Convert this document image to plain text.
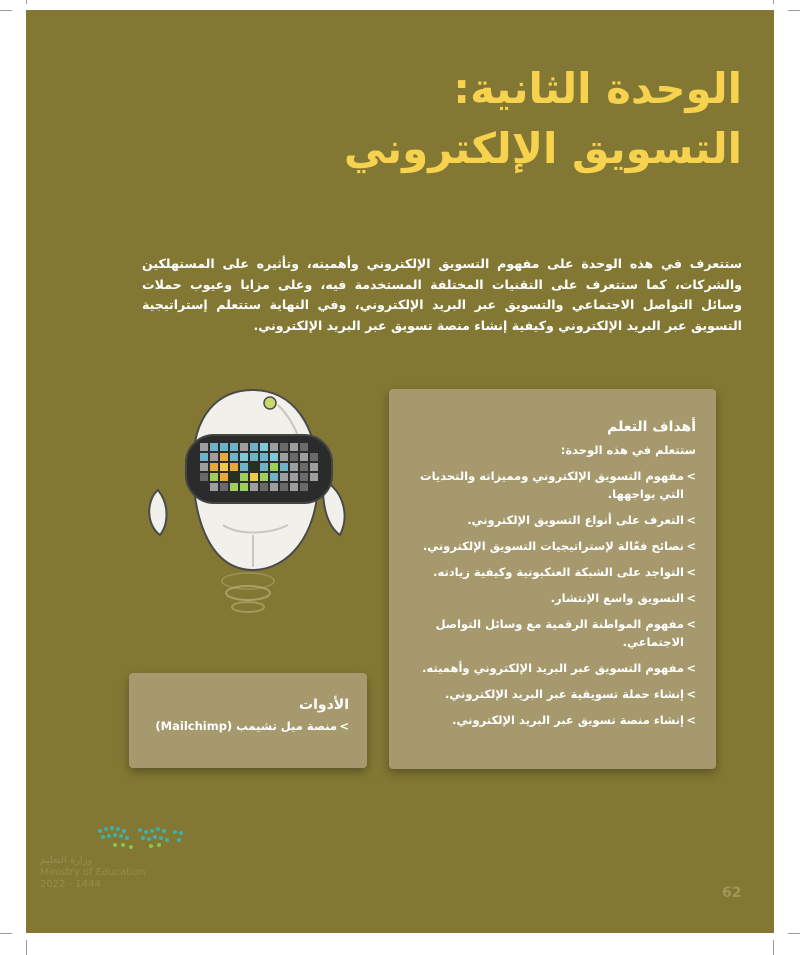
الوحدة الثانية:
التسويق الإلكتروني

ستتعرف في هذه الوحدة على مفهوم التسويق الإلكتروني وأهميته، وتأثيره على المستهلكين والشركات، كما ستتعرف على التقنيات المختلفة المستخدمة فيه، وعلى مزايا وعيوب حملات وسائل التواصل الاجتماعي والتسويق عبر البريد الإلكتروني، وفي النهاية ستتعلم إستراتيجية التسويق عبر البريد الإلكتروني وكيفية إنشاء منصة تسويق عبر البريد الإلكتروني.

أهداف التعلم
ستتعلم في هذه الوحدة:
> مفهوم التسويق الإلكتروني ومميزاته والتحديات التي يواجهها.
> التعرف على أنواع التسويق الإلكتروني.
> نصائح فعّالة لإستراتيجيات التسويق الإلكتروني.
> التواجد على الشبكة العنكبوتية وكيفية زيادته.
> التسويق واسع الإنتشار.
> مفهوم المواطنة الرقمية مع وسائل التواصل الاجتماعي.
> مفهوم التسويق عبر البريد الإلكتروني وأهميته.
> إنشاء حملة تسويقية عبر البريد الإلكتروني.
> إنشاء منصة تسويق عبر البريد الإلكتروني.
الأدوات
> منصة ميل تشيمب (Mailchimp)
وزارة التعليم
Ministry of Education
2022 - 1444
62
